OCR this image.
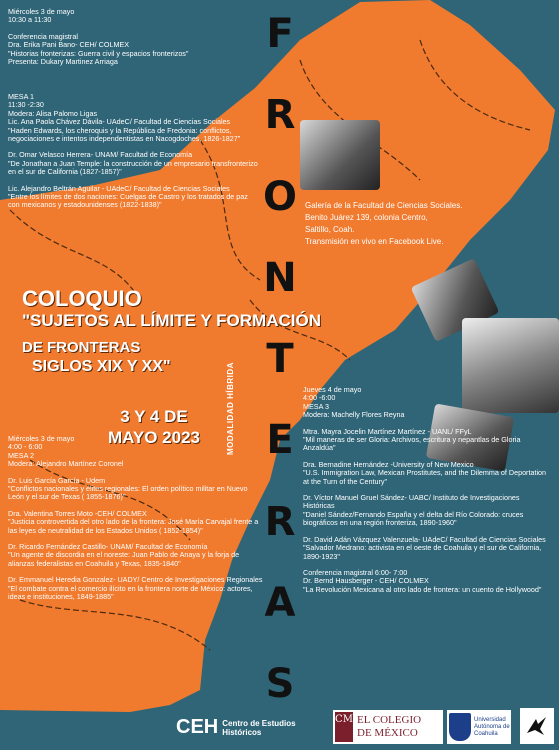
F
R
O
N
T
E
R
A
S

Miércoles 3 de mayo

10:30 a 11:30

Conferencia magistral

Dra. Erika Pani Bano- CEH/ COLMEX

"Historias fronterizas: Guerra civil y espacios fronterizos"

Presenta: Dukary Martinez Arriaga

MESA 1

11:30 -2:30

Modera: Alisa Palomo Ligas

Lic. Ana Paola Chávez Dávila- UAdeC/ Facultad de Ciencias Sociales

"Haden Edwards, los cheroquis y la República de Fredonia: conflictos, negociaciones e intentos independentistas en Nacogdoches, 1826-1827"

Dr. Omar Velasco Herrera- UNAM/ Facultad de Economía

"De Jonathan a Juan Temple: la construcción de un empresario transfronterizo en el sur de California (1827-1857)"

Lic. Alejandro Beltrán Aguilar - UAdeC/ Facultad de Ciencias Sociales

"Entre los límites de dos naciones: Cuelgas de Castro y los tratados de paz con mexicanos y estadounidenses (1822-1838)"	Galería de la Facultad de Ciencias Sociales.

Benito Juárez 139, colonia Centro,

Saltillo, Coah.

Transmisión en vivo en Facebook Live.

COLOQUIO
"SUJETOS AL LÍMITE Y FORMACIÓN
DE FRONTERAS
SIGLOS XIX Y XX"
3 Y 4 DE
MAYO 2023	MODALIDAD HÍBRIDA

Miércoles 3 de mayo

4:00 - 6:00

MESA 2

Modera: Alejandro Martínez Coronel

Dr. Luis García García - Udem

"Conflictos nacionales y élites regionales: El orden político militar en Nuevo León y el sur de Texas ( 1855-1876)"

Dra. Valentina Torres Moto -CEH/ COLMEX

"Justicia controvertida del otro lado de la frontera: José María Carvajal frente a las leyes de neutralidad de los Estados Unidos ( 1852-1854)"

Dr. Ricardo Fernández Castillo- UNAM/ Facultad de Economía

"Un agente de discordia en el noreste: Juan Pablo de Anaya y la forja de alianzas federalistas en Coahuila y Texas, 1835-1840"

Dr. Emmanuel Heredia Gonzalez- UADY/ Centro de Investigaciones Regionales

"El combate contra el comercio ilícito en la frontera norte de México: actores, ideas e instituciones, 1849-1885"

Jueves 4 de mayo

4:00 -6:00

MESA 3

Modera: Machelly Flores Reyna

Mtra. Mayra Jocelin Martínez Martínez - UANL/ FFyL

"Mil maneras de ser Gloria: Archivos, escritura y nepantlas de Gloria Anzaldúa"

Dra. Bernadine Hernández -University of New Mexico

"U.S. Immigration Law, Mexican Prostitutes, and the Dilemma of Deportation at the Turn of the Century"

Dr. Víctor Manuel Gruel Sández- UABC/ Instituto de Investigaciones Históricas

"Daniel Sández/Fernando España y el delta del Río Colorado: cruces biográficos en una región fronteriza, 1890-1960"

Dr. David Adán Vázquez Valenzuela- UAdeC/ Facultad de Ciencias Sociales

"Salvador Medrano: activista en el oeste de Coahuila y el sur de California, 1890-1923"

Conferencia magistral 6:00- 7:00

Dr. Bernd Hausberger - CEH/ COLMEX

"La Revolución Mexicana al otro lado de frontera: un cuento de Hollywood"

CEH Centro de Estudios
Históricos
CM EL COLEGIO
DE MÉXICO
Universidad
Autónoma de
Coahuila
